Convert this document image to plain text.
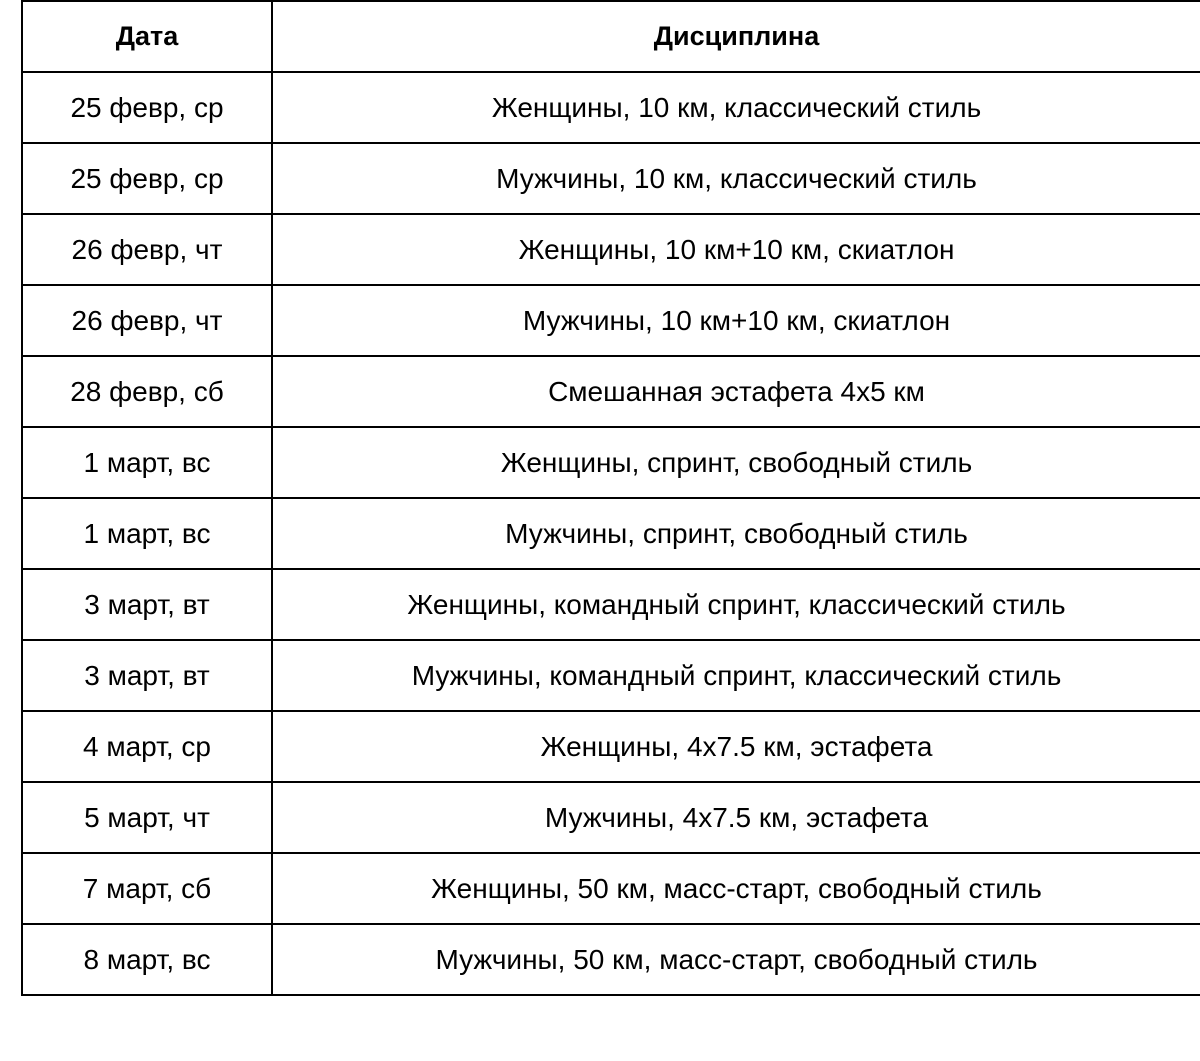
Дата	Дисциплина
25 февр, ср	Женщины, 10 км, классический стиль
25 февр, ср	Мужчины, 10 км, классический стиль
26 февр, чт	Женщины, 10 км+10 км, скиатлон
26 февр, чт	Мужчины, 10 км+10 км, скиатлон
28 февр, сб	Смешанная эстафета 4х5 км
1 март, вс	Женщины, спринт, свободный стиль
1 март, вс	Мужчины, спринт, свободный стиль
3 март, вт	Женщины, командный спринт, классический стиль
3 март, вт	Мужчины, командный спринт, классический стиль
4 март, ср	Женщины, 4х7.5 км, эстафета
5 март, чт	Мужчины, 4х7.5 км, эстафета
7 март, сб	Женщины, 50 км, масс-старт, свободный стиль
8 март, вс	Мужчины, 50 км, масс-старт, свободный стиль
